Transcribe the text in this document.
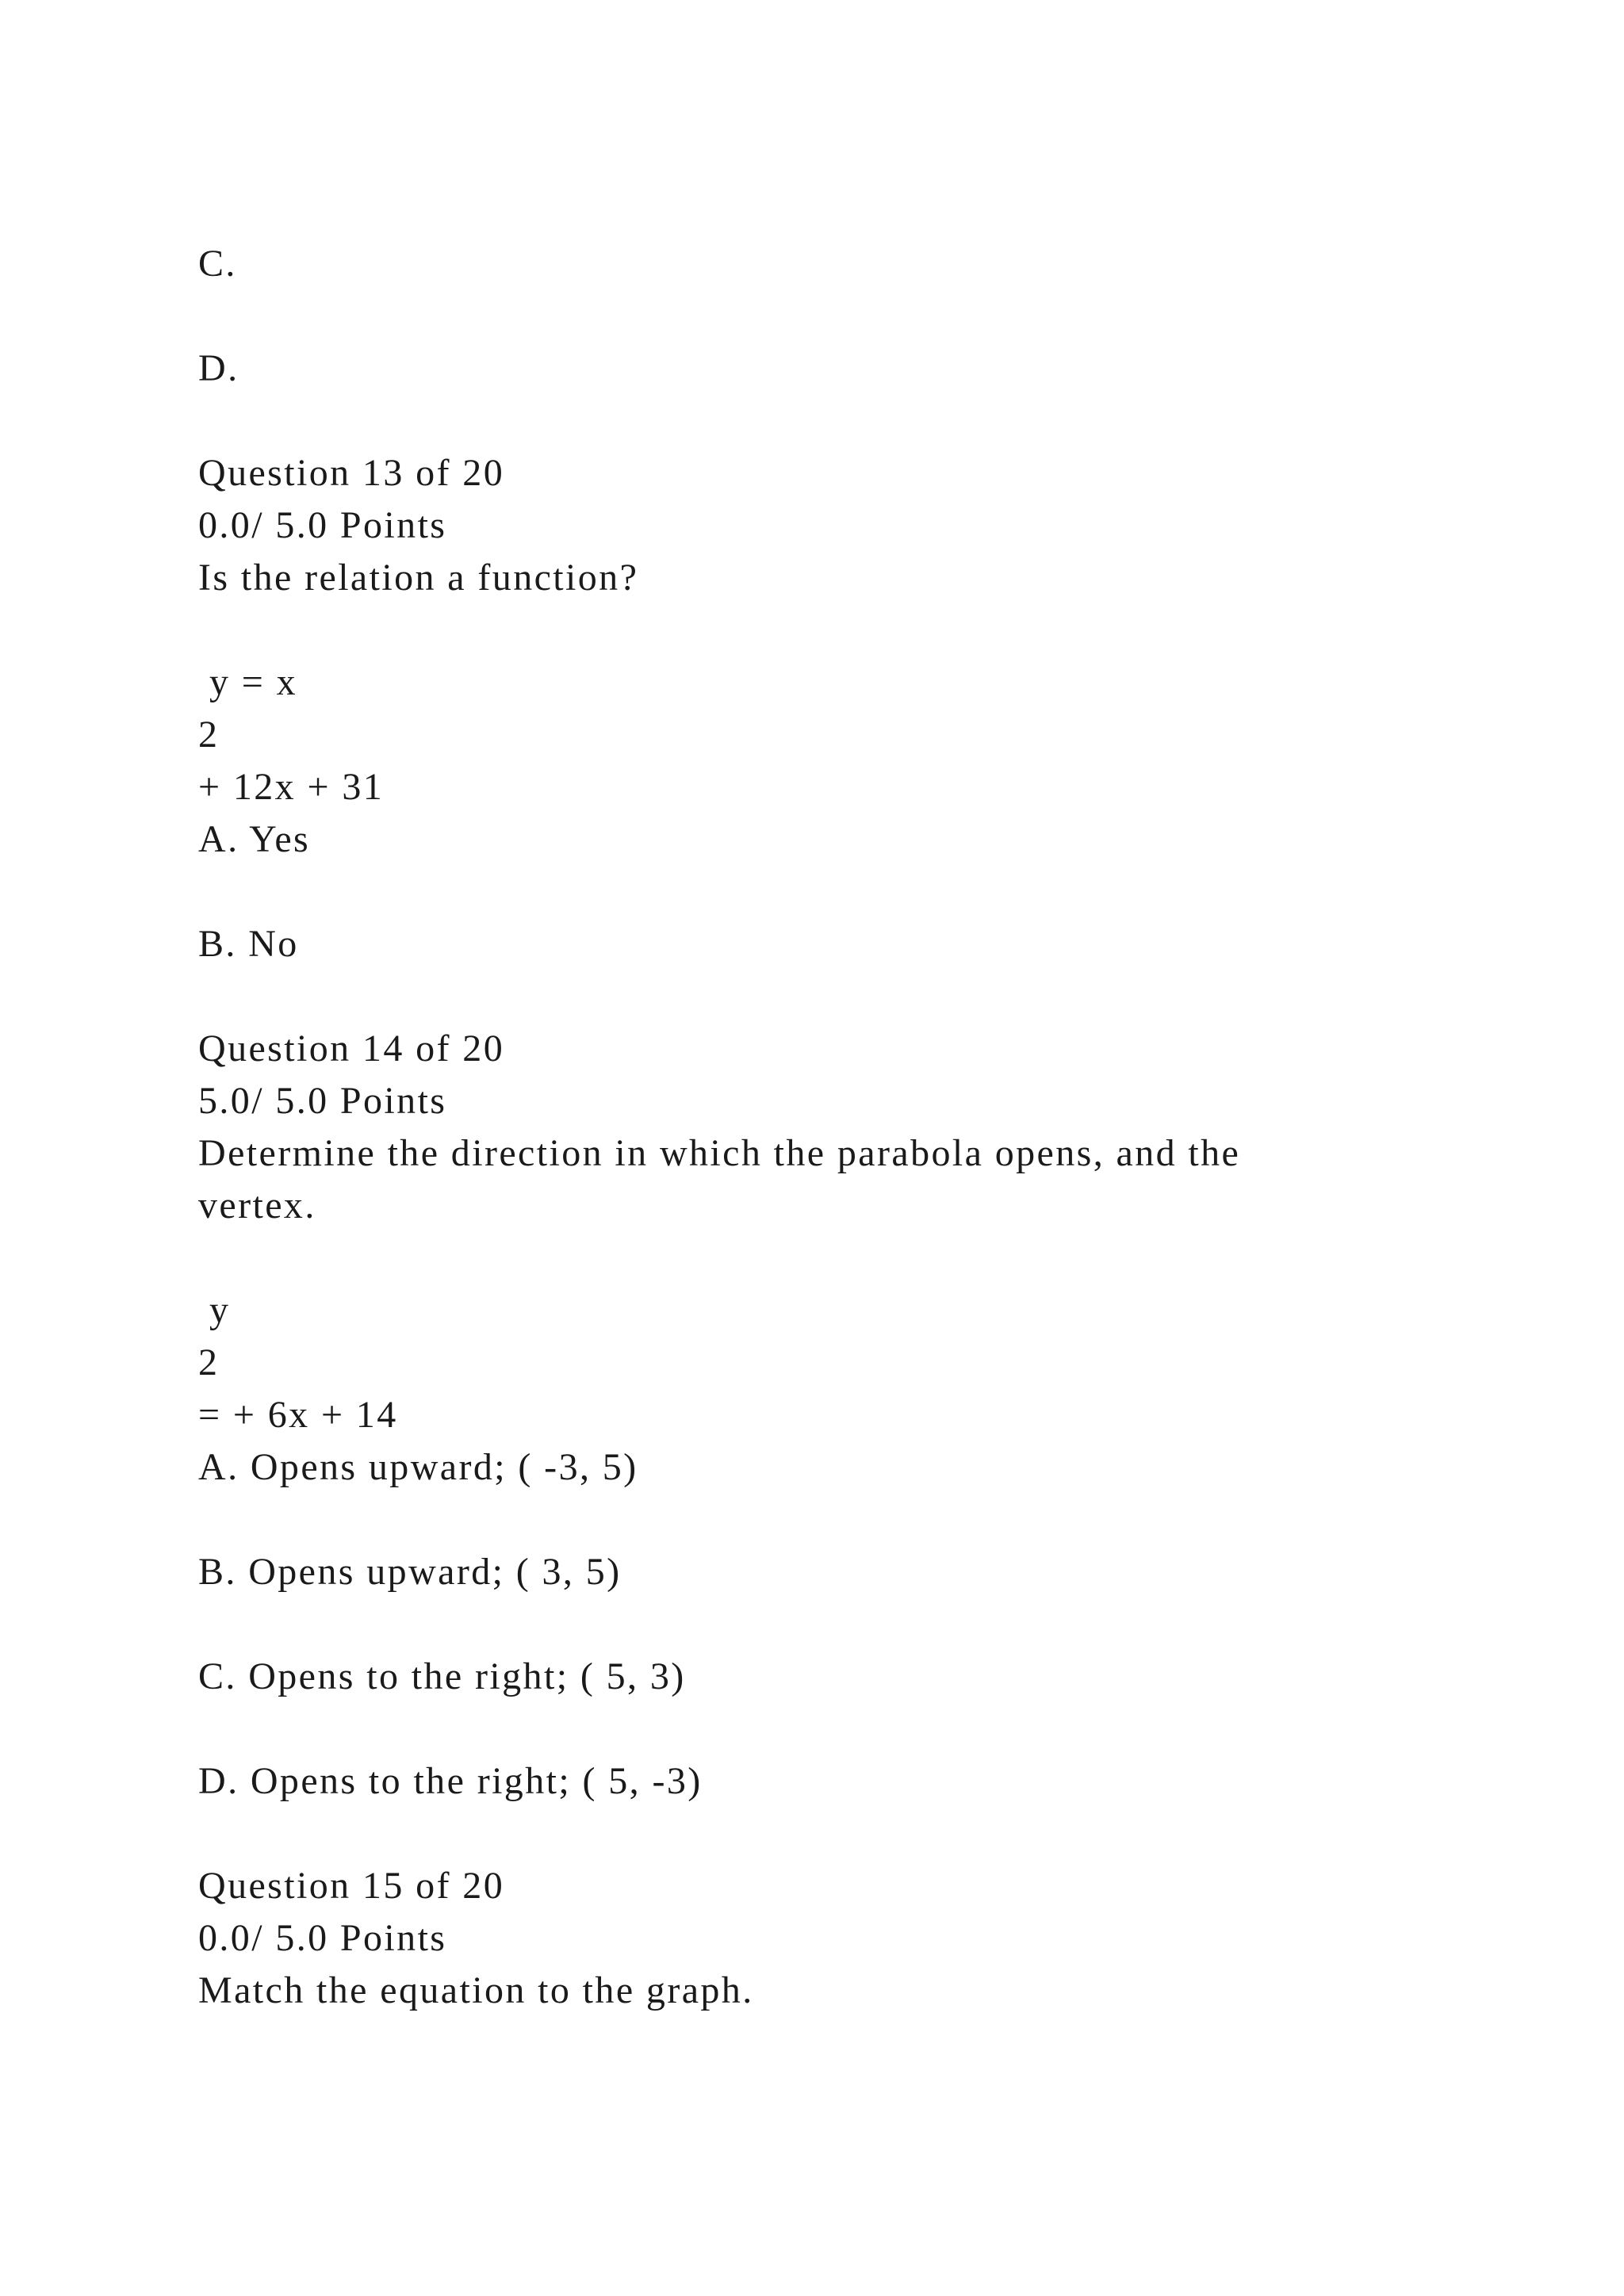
C.
D.
Question 13 of 20
0.0/ 5.0 Points
Is the relation a function?
y = x
2
+ 12x + 31
A. Yes
B. No
Question 14 of 20
5.0/ 5.0 Points
Determine the direction in which the parabola opens, and the
vertex.
y
2
= + 6x + 14
A. Opens upward; ( -3, 5)
B. Opens upward; ( 3, 5)
C. Opens to the right; ( 5, 3)
D. Opens to the right; ( 5, -3)
Question 15 of 20
0.0/ 5.0 Points
Match the equation to the graph.
